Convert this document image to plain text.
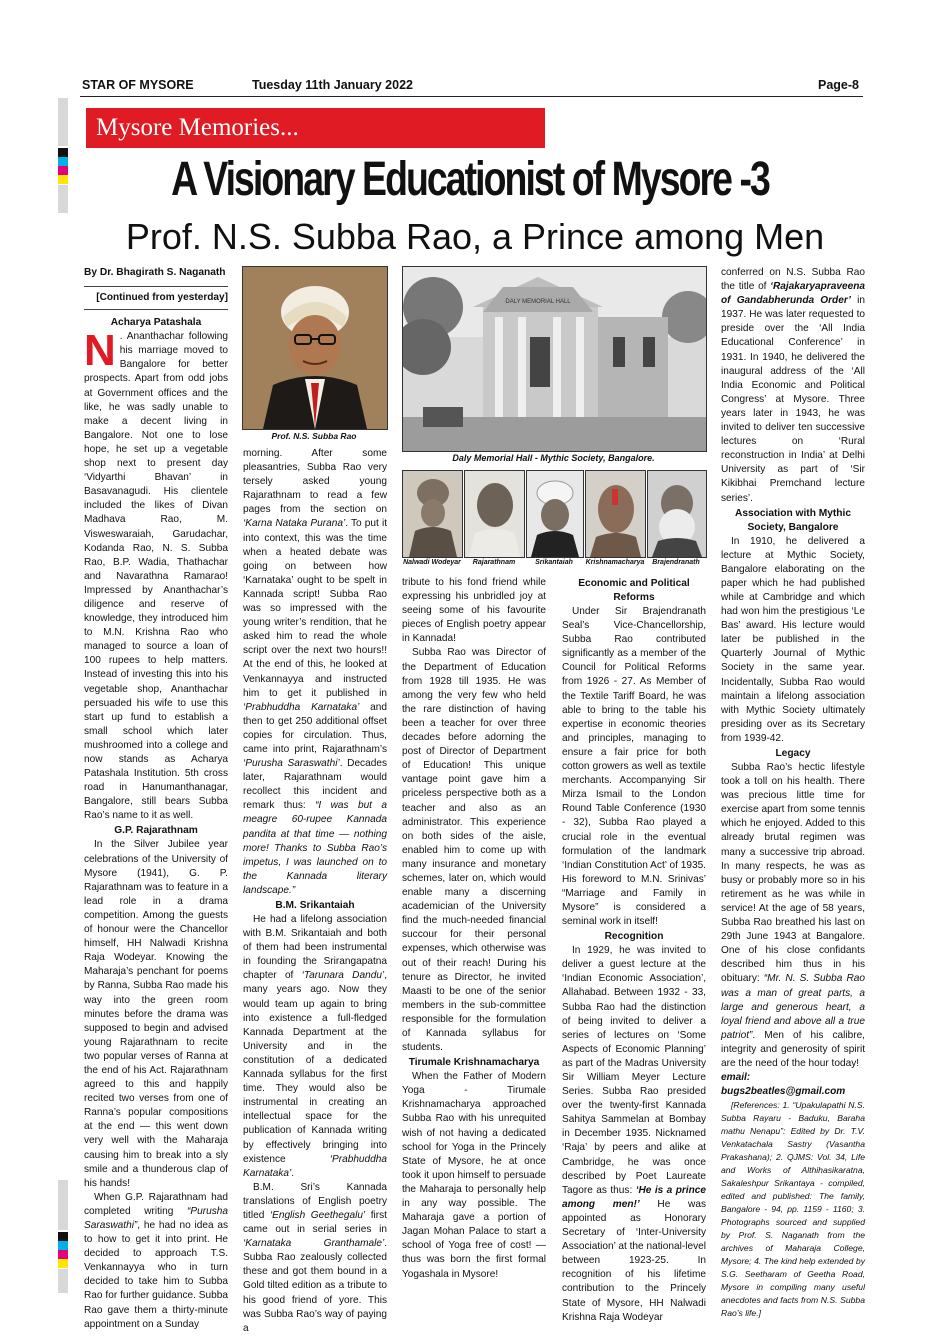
STAR OF MYSORE	Tuesday 11th January 2022	Page-8
Mysore Memories...
A Visionary Educationist of Mysore -3
Prof. N.S. Subba Rao, a Prince among Men
By Dr. Bhagirath S. Naganath
[Continued from yesterday]
Acharya Patashala

N . Ananthachar following his marriage moved to Bangalore for better prospects. Apart from odd jobs at Government offices and the like, he was sadly unable to make a decent living in Bangalore. Not one to lose hope, he set up a vegetable shop next to present day ‘Vidyarthi Bhavan’ in Basavanagudi. His clientele included the likes of Divan Madhava Rao, M. Visweswaraiah, Garudachar, Kodanda Rao, N. S. Subba Rao, B.P. Wadia, Thathachar and Navarathna Ramarao! Impressed by Ananthachar’s diligence and reserve of knowledge, they introduced him to M.N. Krishna Rao who managed to source a loan of 100 rupees to help matters. Instead of investing this into his vegetable shop, Ananthachar persuaded his wife to use this start up fund to establish a small school which later mushroomed into a college and now stands as Acharya Patashala Institution. 5th cross road in Hanumanthanagar, Bangalore, still bears Subba Rao’s name to it as well.

G.P. Rajarathnam

In the Silver Jubilee year celebrations of the University of Mysore (1941), G. P. Rajarathnam was to feature in a lead role in a drama competition. Among the guests of honour were the Chancellor himself, HH Nalwadi Krishna Raja Wodeyar. Knowing the Maharaja’s penchant for poems by Ranna, Subba Rao made his way into the green room minutes before the drama was supposed to begin and advised young Rajarathnam to recite two popular verses of Ranna at the end of his Act. Rajarathnam agreed to this and happily recited two verses from one of Ranna’s popular compositions at the end — this went down very well with the Maharaja causing him to break into a sly smile and a thunderous clap of his hands!

When G.P. Rajarathnam had completed writing “Purusha Saraswathi”, he had no idea as to how to get it into print. He decided to approach T.S. Venkannayya who in turn decided to take him to Subba Rao for further guidance. Subba Rao gave them a thirty-minute appointment on a Sunday

Prof. N.S. Subba Rao

morning. After some pleasantries, Subba Rao very tersely asked young Rajarathnam to read a few pages from the section on ‘Karna Nataka Purana’. To put it into context, this was the time when a heated debate was going on between how ‘Karnataka’ ought to be spelt in Kannada script! Subba Rao was so impressed with the young writer’s rendition, that he asked him to read the whole script over the next two hours!! At the end of this, he looked at Venkannayya and instructed him to get it published in ‘Prabhuddha Karnataka’ and then to get 250 additional offset copies for circulation. Thus, came into print, Rajarathnam’s ‘Purusha Saraswathi’. Decades later, Rajarathnam would recollect this incident and remark thus: “I was but a meagre 60-rupee Kannada pandita at that time — nothing more! Thanks to Subba Rao’s impetus, I was launched on to the Kannada literary landscape.”

B.M. Srikantaiah

He had a lifelong association with B.M. Srikantaiah and both of them had been instrumental in founding the Srirangapatna chapter of ‘Tarunara Dandu’, many years ago. Now they would team up again to bring into existence a full-fledged Kannada Department at the University and in the constitution of a dedicated Kannada syllabus for the first time. They would also be instrumental in creating an intellectual space for the publication of Kannada writing by effectively bringing into existence ‘Prabhuddha Karnataka’.

B.M. Sri’s Kannada translations of English poetry titled ‘English Geethegalu’ first came out in serial series in ‘Karnataka Granthamale’. Subba Rao zealously collected these and got them bound in a Gold tilted edition as a tribute to his good friend of yore. This was Subba Rao’s way of paying a

DALY MEMORIAL HALL
Daly Memorial Hall - Mythic Society, Bangalore.
Nalwadi Wodeyar	Rajarathnam	Srikantaiah	Krishnamacharya	Brajendranath

tribute to his fond friend while expressing his unbridled joy at seeing some of his favourite pieces of English poetry appear in Kannada!

Subba Rao was Director of the Department of Education from 1928 till 1935. He was among the very few who held the rare distinction of having been a teacher for over three decades before adorning the post of Director of Department of Education! This unique vantage point gave him a priceless perspective both as a teacher and also as an administrator. This experience on both sides of the aisle, enabled him to come up with many insurance and monetary schemes, later on, which would enable many a discerning academician of the University find the much-needed financial succour for their personal expenses, which otherwise was out of their reach! During his tenure as Director, he invited Maasti to be one of the senior members in the sub-committee responsible for the formulation of Kannada syllabus for students.

Tirumale Krishnamacharya

When the Father of Modern Yoga - Tirumale Krishnamacharya approached Subba Rao with his unrequited wish of not having a dedicated school for Yoga in the Princely State of Mysore, he at once took it upon himself to persuade the Maharaja to personally help in any way possible. The Maharaja gave a portion of Jagan Mohan Palace to start a school of Yoga free of cost! — thus was born the first formal Yogashala in Mysore!

Economic and Political Reforms

Under Sir Brajendranath Seal’s Vice-Chancellorship, Subba Rao contributed significantly as a member of the Council for Political Reforms from 1926 - 27. As Member of the Textile Tariff Board, he was able to bring to the table his expertise in economic theories and principles, managing to ensure a fair price for both cotton growers as well as textile merchants. Accompanying Sir Mirza Ismail to the London Round Table Conference (1930 - 32), Subba Rao played a crucial role in the eventual formulation of the landmark ‘Indian Constitution Act’ of 1935. His foreword to M.N. Srinivas’ “Marriage and Family in Mysore” is considered a seminal work in itself!

Recognition

In 1929, he was invited to deliver a guest lecture at the ‘Indian Economic Association’, Allahabad. Between 1932 - 33, Subba Rao had the distinction of being invited to deliver a series of lectures on ‘Some Aspects of Economic Planning’ as part of the Madras University Sir William Meyer Lecture Series. Subba Rao presided over the twenty-first Kannada Sahitya Sammelan at Bombay in December 1935. Nicknamed ‘Raja’ by peers and alike at Cambridge, he was once described by Poet Laureate Tagore as thus: ‘He is a prince among men!’ He was appointed as Honorary Secretary of ‘Inter-University Association’ at the national-level between 1923-25. In recognition of his lifetime contribution to the Princely State of Mysore, HH Nalwadi Krishna Raja Wodeyar

conferred on N.S. Subba Rao the title of ‘Rajakaryapraveena of Gandabherunda Order’ in 1937. He was later requested to preside over the ‘All India Educational Conference’ in 1931. In 1940, he delivered the inaugural address of the ‘All India Economic and Political Congress’ at Mysore. Three years later in 1943, he was invited to deliver ten successive lectures on ‘Rural reconstruction in India’ at Delhi University as part of ‘Sir Kikibhai Premchand lecture series’.

Association with Mythic Society, Bangalore

In 1910, he delivered a lecture at Mythic Society, Bangalore elaborating on the paper which he had published while at Cambridge and which had won him the prestigious ‘Le Bas’ award. His lecture would later be published in the Quarterly Journal of Mythic Society in the same year. Incidentally, Subba Rao would maintain a lifelong association with Mythic Society ultimately presiding over as its Secretary from 1939-42.

Legacy

Subba Rao’s hectic lifestyle took a toll on his health. There was precious little time for exercise apart from some tennis which he enjoyed. Added to this already brutal regimen was many a successive trip abroad. In many respects, he was as busy or probably more so in his retirement as he was while in service! At the age of 58 years, Subba Rao breathed his last on 29th June 1943 at Bangalore. One of his close confidants described him thus in his obituary: “Mr. N. S. Subba Rao was a man of great parts, a large and generous heart, a loyal friend and above all a true patriot”. Men of his calibre, integrity and generosity of spirit are the need of the hour today!

email: bugs2beatles@gmail.com

[References: 1. “Upakulapathi N.S. Subba Rayaru - Baduku, Baraha mathu Nenapu”: Edited by Dr. T.V. Venkatachala Sastry (Vasantha Prakashana); 2. QJMS: Vol. 34, Life and Works of Althihasikaratna, Sakaleshpur Srikantaya - compiled, edited and published: The family, Bangalore - 94, pp. 1159 - 1160; 3. Photographs sourced and supplied by Prof. S. Naganath from the archives of Maharaja College, Mysore; 4. The kind help extended by S.G. Seetharam of Geetha Road, Mysore in compiling many useful anecdotes and facts from N.S. Subba Rao’s life.]
